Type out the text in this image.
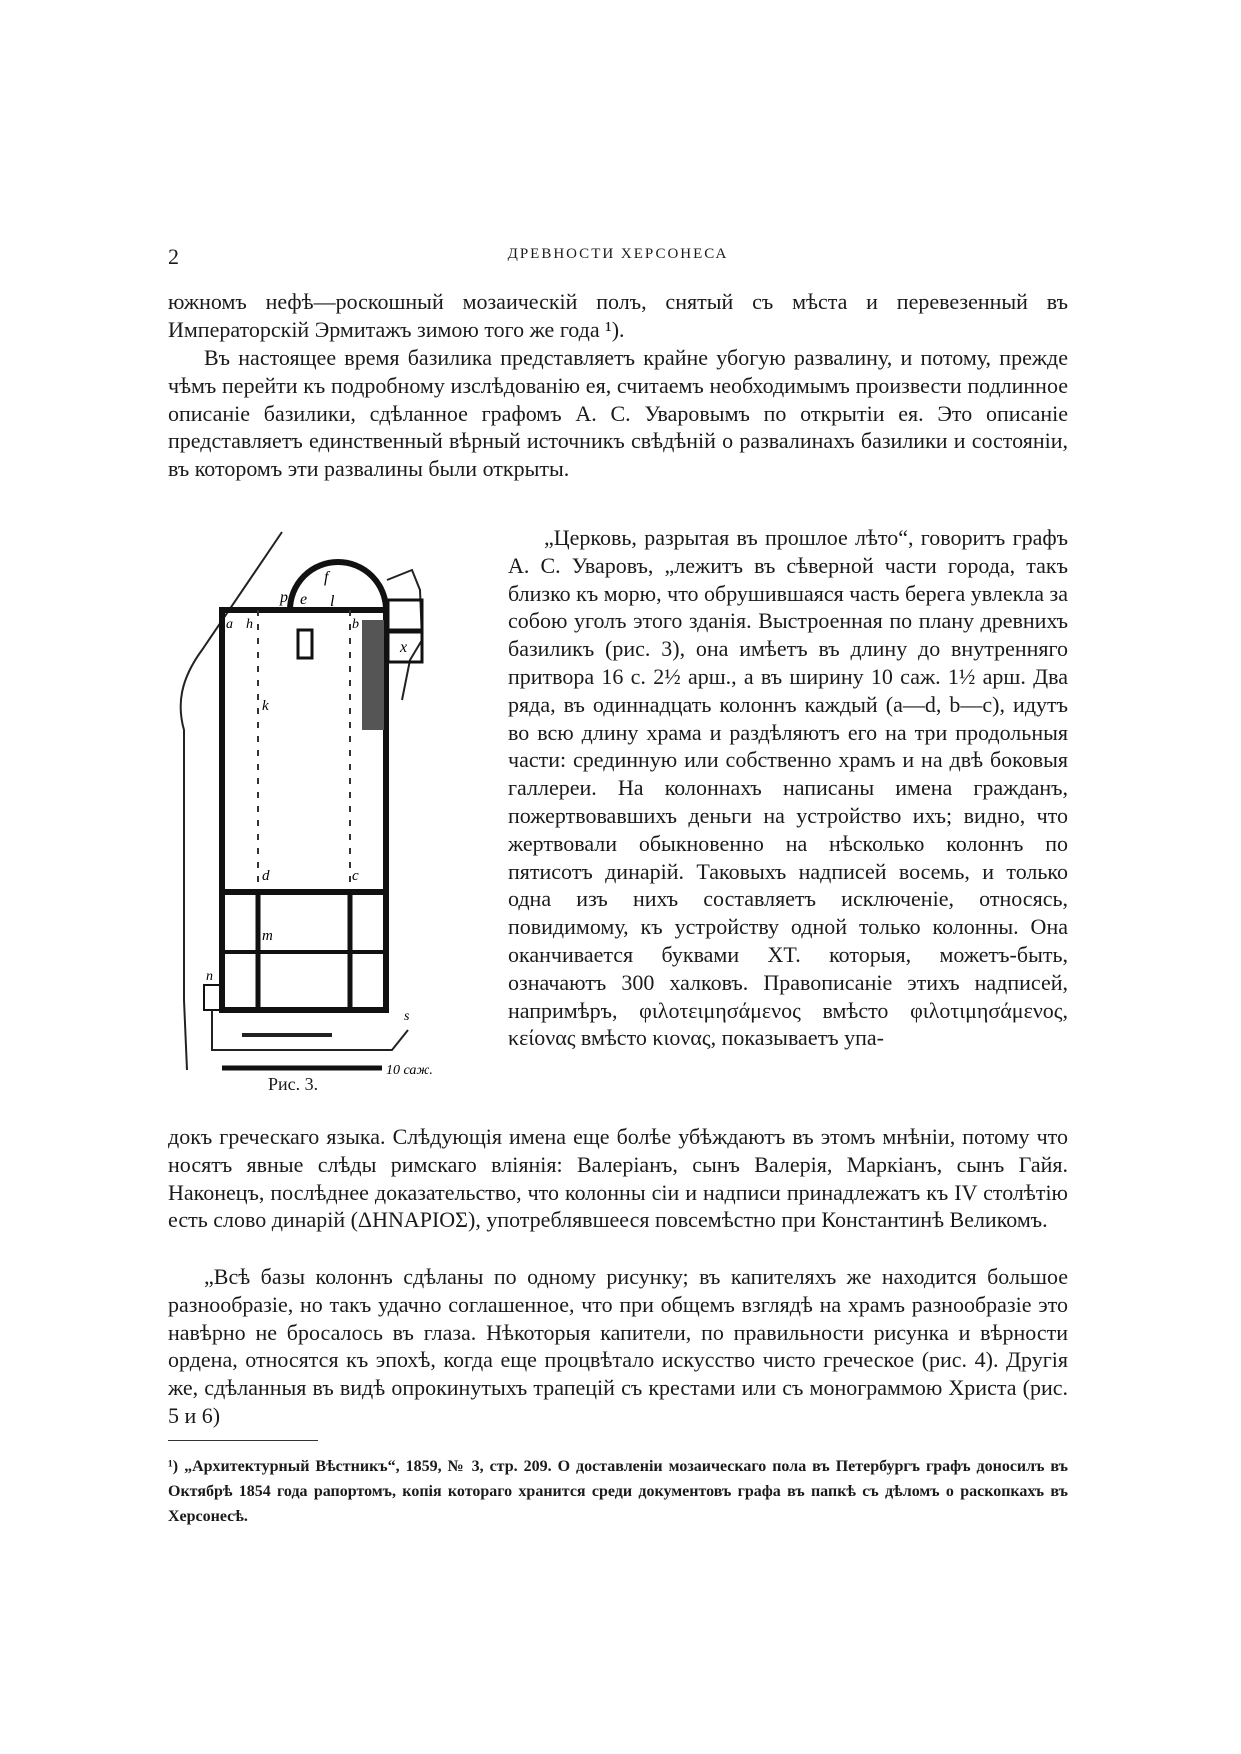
2	ДРЕВНОСТИ ХЕРСОНЕСА

южномъ нефѣ—роскошный мозаическій полъ, снятый съ мѣста и перевезенный въ Императорскій Эрмитажъ зимою того же года ¹).

Въ настоящее время базилика представляетъ крайне убогую развалину, и потому, прежде чѣмъ перейти къ подробному изслѣдованію ея, считаемъ необходимымъ произвести подлинное описаніе базилики, сдѣланное графомъ А. С. Уваровымъ по открытіи ея. Это описаніе представляетъ единственный вѣрный источникъ свѣдѣній о развалинахъ базилики и состояніи, въ которомъ эти развалины были открыты.

„Церковь, разрытая въ прошлое лѣто“, говоритъ графъ А. С. Уваровъ, „лежитъ въ сѣверной части города, такъ близко къ морю, что обрушившаяся часть берега увлекла за собою уголъ этого зданія. Выстроенная по плану древнихъ базиликъ (рис. 3), она имѣетъ въ длину до внутренняго притвора 16 с. 2½ арш., а въ ширину 10 саж. 1½ арш. Два ряда, въ одиннадцать колоннъ каждый (a—d, b—c), идутъ во всю длину храма и раздѣляютъ его на три продольныя части: срединную или собственно храмъ и на двѣ боковыя галлереи. На колоннахъ написаны имена гражданъ, пожертвовавшихъ деньги на устройство ихъ; видно, что жертвовали обыкновенно на нѣсколько колоннъ по пятисотъ динарій. Таковыхъ надписей восемь, и только одна изъ нихъ составляетъ исключеніе, относясь, повидимому, къ устройству одной только колонны. Она оканчивается буквами ΧΤ. которыя, можетъ-быть, означаютъ 300 халковъ. Правописаніе этихъ надписей, напримѣръ, φιλοτειμησάμενος вмѣсто φιλοτιμησάμενος, κείονας вмѣсто κιονας, показываетъ упа-

докъ греческаго языка. Слѣдующія имена еще болѣе убѣждаютъ въ этомъ мнѣніи, потому что носятъ явные слѣды римскаго вліянія: Валеріанъ, сынъ Валерія, Маркіанъ, сынъ Гайя. Наконецъ, послѣднее доказательство, что колонны сіи и надписи принадлежатъ къ IV столѣтію есть слово динарій (ΔΗΝΑΡΙΟΣ), употреблявшееся повсемѣстно при Константинѣ Великомъ.

„Всѣ базы колоннъ сдѣланы по одному рисунку; въ капителяхъ же находится большое разнообразіе, но такъ удачно соглашенное, что при общемъ взглядѣ на храмъ разнообразіе это навѣрно не бросалось въ глаза. Нѣкоторыя капители, по правильности рисунка и вѣрности ордена, относятся къ эпохѣ, когда еще процвѣтало искусство чисто греческое (рис. 4). Другія же, сдѣланныя въ видѣ опрокинутыхъ трапецій съ крестами или съ монограммою Христа (рис. 5 и 6)

f
p e l
a h	b
x
k
d	c
m
n
s
10 саж.
Рис. 3.

¹) „Архитектурный Вѣстникъ“, 1859, № 3, стр. 209. О доставленіи мозаическаго пола въ Петербургъ графъ доносилъ въ Октябрѣ 1854 года рапортомъ, копія котораго хранится среди документовъ графа въ папкѣ съ дѣломъ о раскопкахъ въ Херсонесѣ.
